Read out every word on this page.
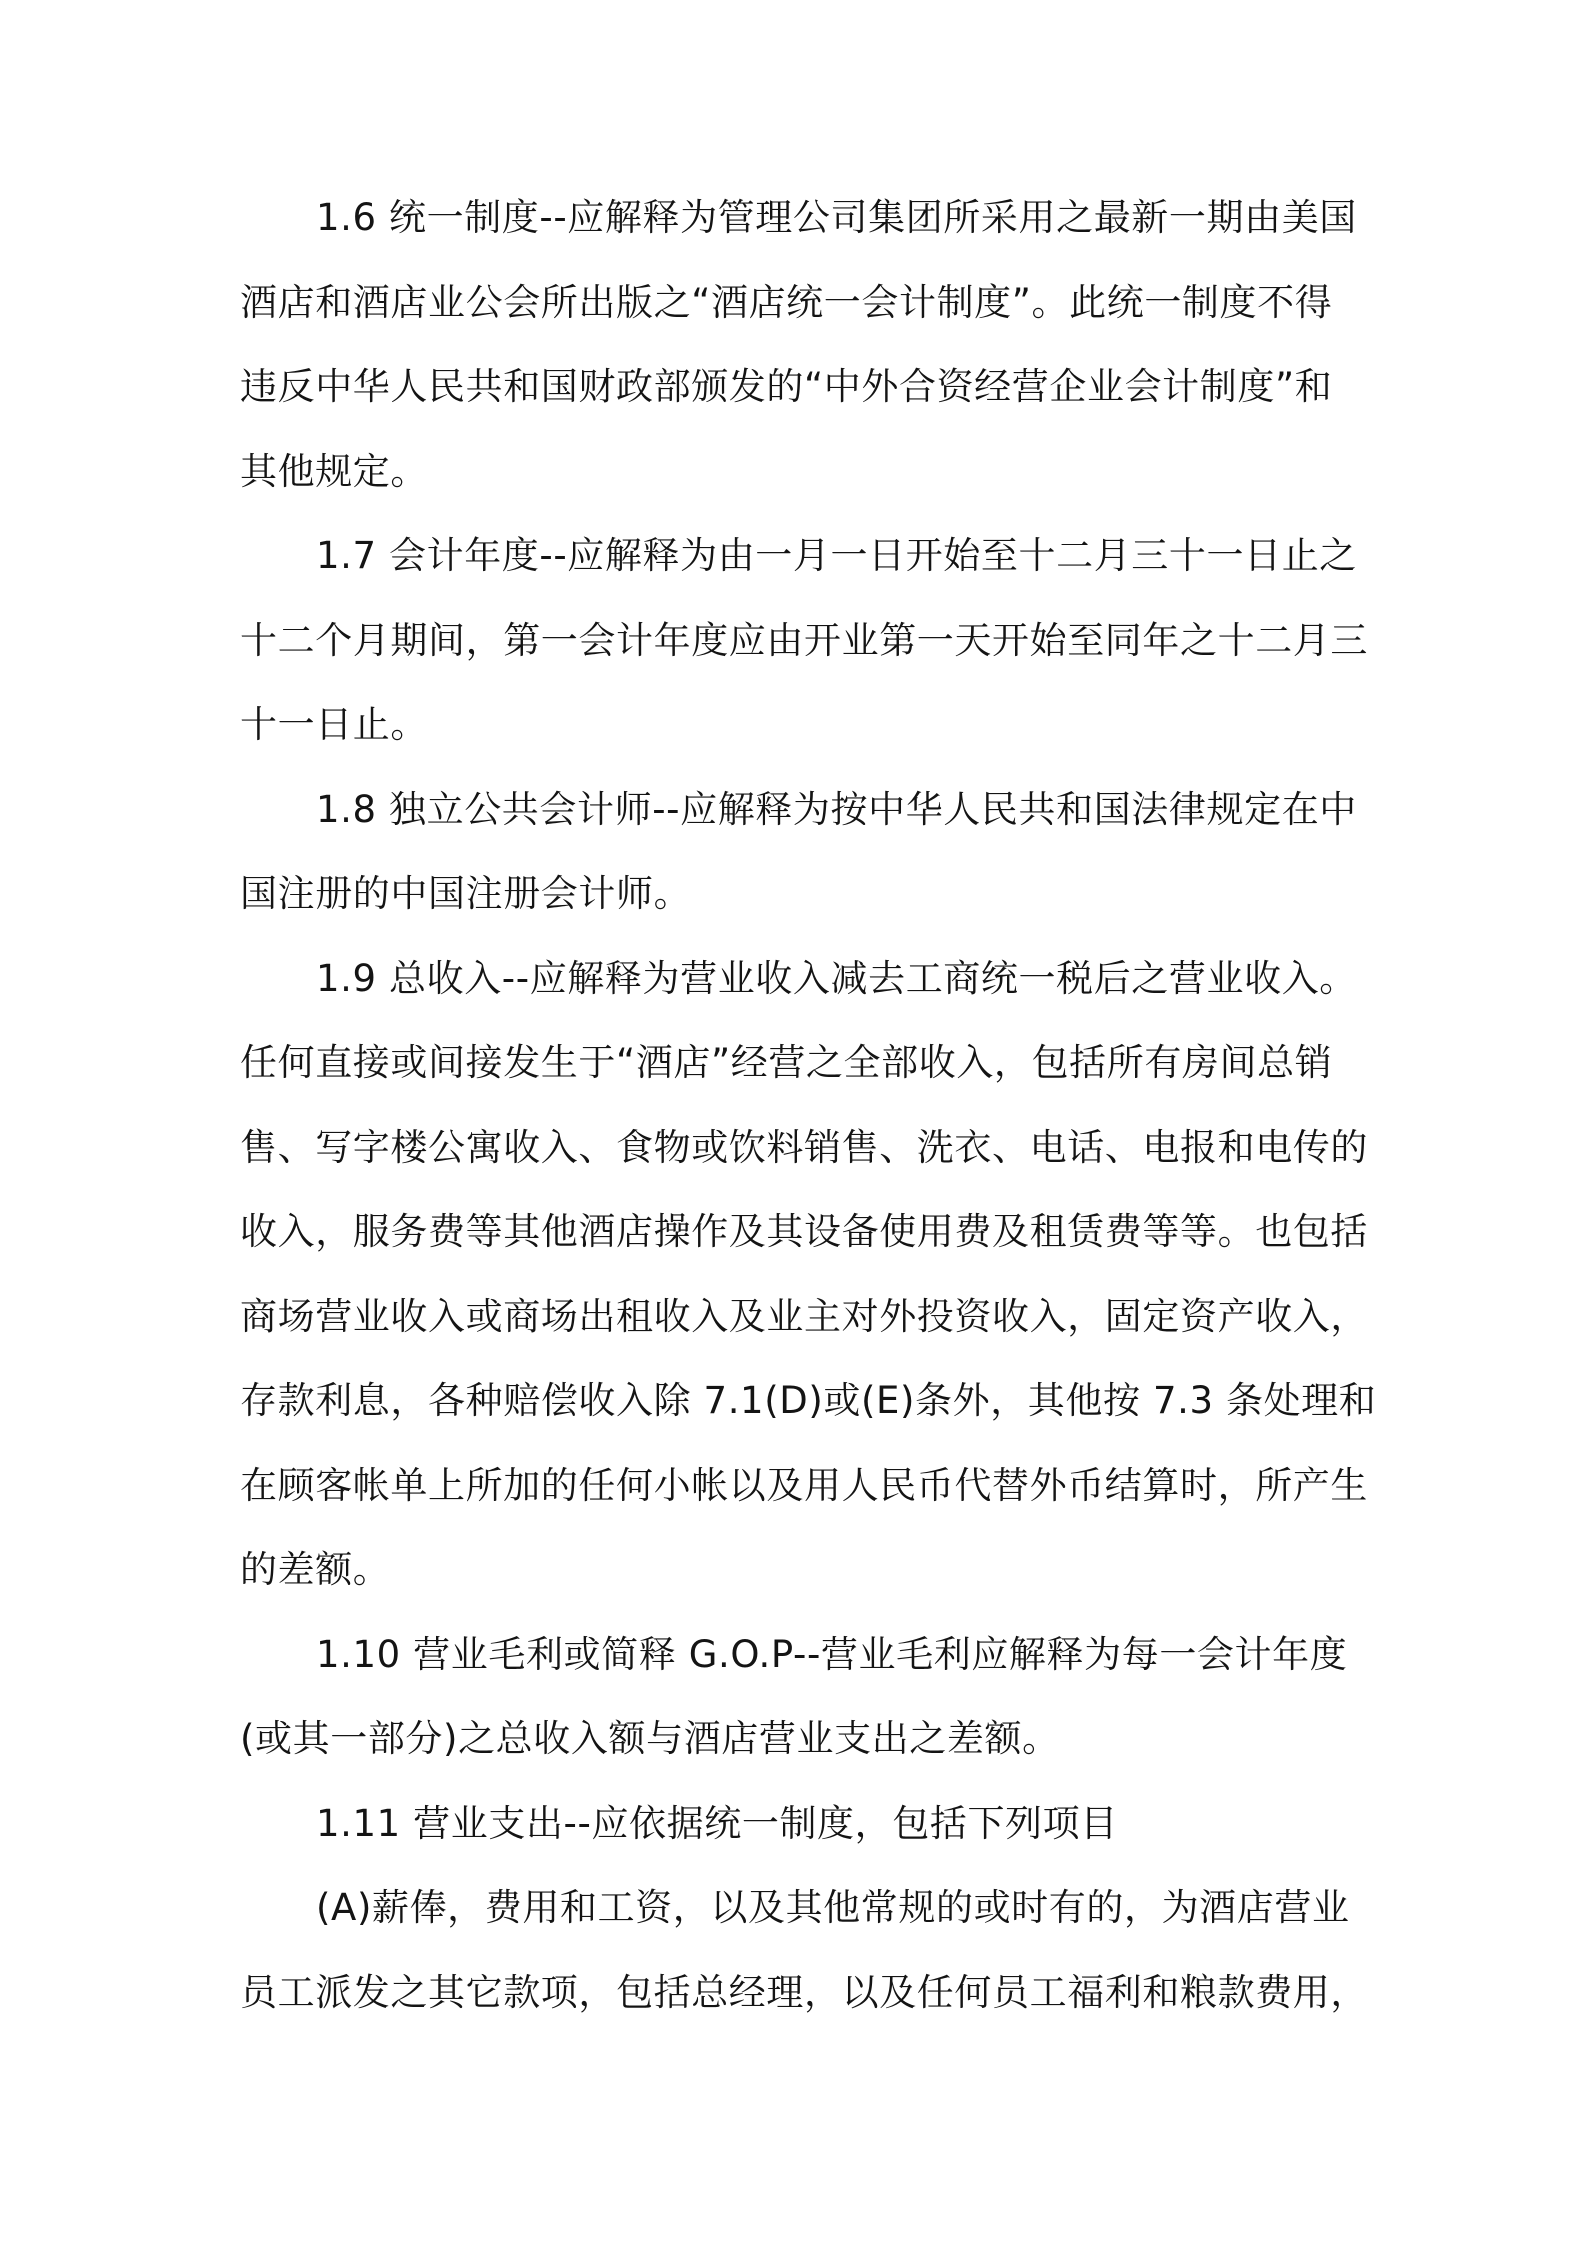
1.6 统一制度--应解释为管理公司集团所采用之最新一期由美国
酒店和酒店业公会所出版之“酒店统一会计制度”。此统一制度不得
违反中华人民共和国财政部颁发的“中外合资经营企业会计制度”和
其他规定。
1.7 会计年度--应解释为由一月一日开始至十二月三十一日止之
十二个月期间，第一会计年度应由开业第一天开始至同年之十二月三
十一日止。
1.8 独立公共会计师--应解释为按中华人民共和国法律规定在中
国注册的中国注册会计师。
1.9 总收入--应解释为营业收入减去工商统一税后之营业收入。
任何直接或间接发生于“酒店”经营之全部收入，包括所有房间总销
售、写字楼公寓收入、食物或饮料销售、洗衣、电话、电报和电传的
收入，服务费等其他酒店操作及其设备使用费及租赁费等等。也包括
商场营业收入或商场出租收入及业主对外投资收入，固定资产收入，
存款利息，各种赔偿收入除 7.1(D)或(E)条外，其他按 7.3 条处理和
在顾客帐单上所加的任何小帐以及用人民币代替外币结算时，所产生
的差额。
1.10 营业毛利或简释 G.O.P--营业毛利应解释为每一会计年度
(或其一部分)之总收入额与酒店营业支出之差额。
1.11 营业支出--应依据统一制度，包括下列项目
(A)薪俸，费用和工资，以及其他常规的或时有的，为酒店营业
员工派发之其它款项，包括总经理，以及任何员工福利和粮款费用，
